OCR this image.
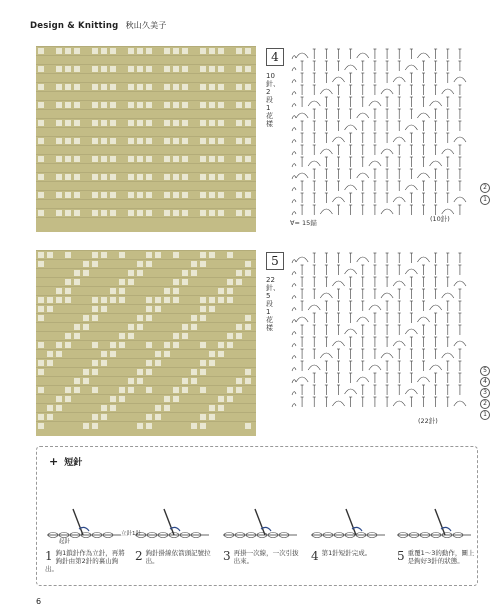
Design & Knitting 秋山久美子
4
10針、2段1花樣
∀= 15錨	(10針)
2
1
5
22針、5段1花樣
(22針)
5
4
3
2
1
+ 短針
立針1針
起針
1 鉤1鎖針作為立針，再將鉤針由第2針的裏山鉤出。
2 鉤針掛線依箭頭記號拉出。	3 再掛一次線，一次引拔出來。	4 第1針短針完成。	5 重覆1～3的動作，圖上是鉤好3針的狀態。
6
